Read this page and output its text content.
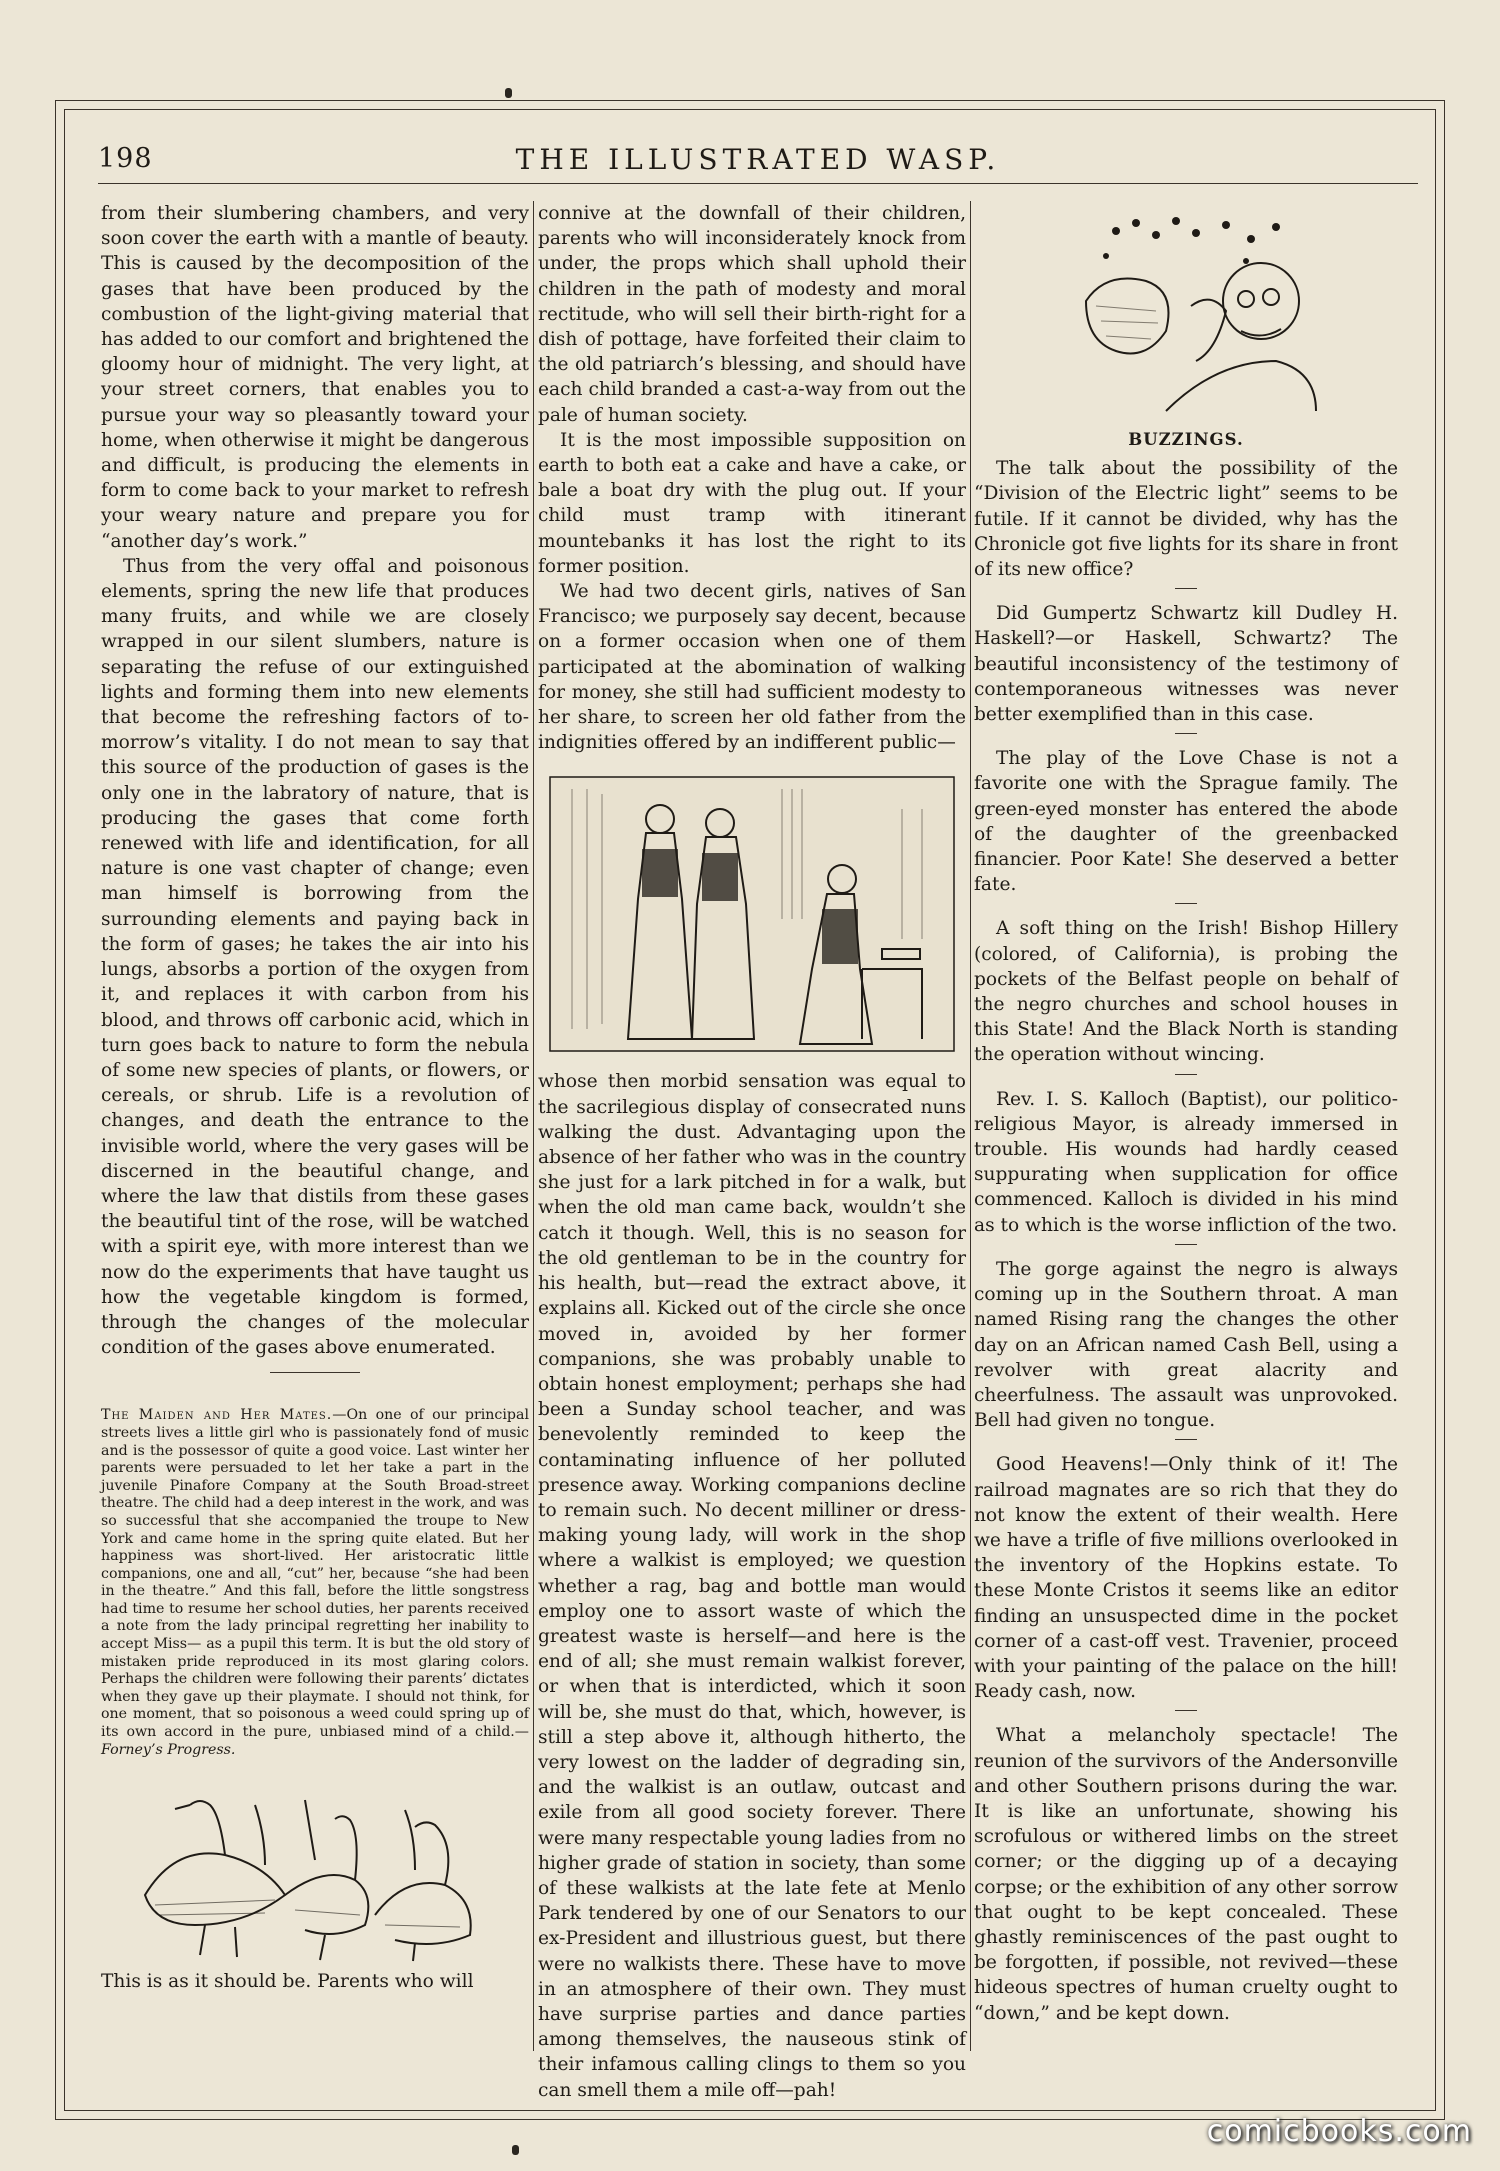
198	THE ILLUSTRATED WASP.

from their slumbering chambers, and very soon cover the earth with a mantle of beauty. This is caused by the decomposition of the gases that have been produced by the combustion of the light-giving material that has added to our comfort and brightened the gloomy hour of midnight. The very light, at your street corners, that enables you to pursue your way so pleasantly toward your home, when otherwise it might be dangerous and difficult, is producing the elements in form to come back to your market to refresh your weary nature and prepare you for “another day’s work.”

Thus from the very offal and poisonous elements, spring the new life that produces many fruits, and while we are closely wrapped in our silent slumbers, nature is separating the refuse of our extinguished lights and forming them into new elements that become the refreshing factors of to-morrow’s vitality. I do not mean to say that this source of the production of gases is the only one in the labratory of nature, that is producing the gases that come forth renewed with life and identification, for all nature is one vast chapter of change; even man himself is borrowing from the surrounding elements and paying back in the form of gases; he takes the air into his lungs, absorbs a portion of the oxygen from it, and replaces it with carbon from his blood, and throws off carbonic acid, which in turn goes back to nature to form the nebula of some new species of plants, or flowers, or cereals, or shrub. Life is a revolution of changes, and death the entrance to the invisible world, where the very gases will be discerned in the beautiful change, and where the law that distils from these gases the beautiful tint of the rose, will be watched with a spirit eye, with more interest than we now do the experiments that have taught us how the vegetable kingdom is formed, through the changes of the molecular condition of the gases above enumerated.

The Maiden and Her Mates.—On one of our principal streets lives a little girl who is passionately fond of music and is the possessor of quite a good voice. Last winter her parents were persuaded to let her take a part in the juvenile Pinafore Company at the South Broad-street theatre. The child had a deep interest in the work, and was so successful that she accompanied the troupe to New York and came home in the spring quite elated. But her happiness was short-lived. Her aristocratic little companions, one and all, “cut” her, because “she had been in the theatre.” And this fall, before the little songstress had time to resume her school duties, her parents received a note from the lady principal regretting her inability to accept Miss— as a pupil this term. It is but the old story of mistaken pride reproduced in its most glaring colors. Perhaps the children were following their parents’ dictates when they gave up their playmate. I should not think, for one moment, that so poisonous a weed could spring up of its own accord in the pure, unbiased mind of a child.—Forney’s Progress.

This is as it should be. Parents who will

connive at the downfall of their children, parents who will inconsiderately knock from under, the props which shall uphold their children in the path of modesty and moral rectitude, who will sell their birth-right for a dish of pottage, have forfeited their claim to the old patriarch’s blessing, and should have each child branded a cast-a-way from out the pale of human society.

It is the most impossible supposition on earth to both eat a cake and have a cake, or bale a boat dry with the plug out. If your child must tramp with itinerant mountebanks it has lost the right to its former position.

We had two decent girls, natives of San Francisco; we purposely say decent, because on a former occasion when one of them participated at the abomination of walking for money, she still had sufficient modesty to her share, to screen her old father from the indignities offered by an indifferent public—

whose then morbid sensation was equal to the sacrilegious display of consecrated nuns walking the dust. Advantaging upon the absence of her father who was in the country she just for a lark pitched in for a walk, but when the old man came back, wouldn’t she catch it though. Well, this is no season for the old gentleman to be in the country for his health, but—read the extract above, it explains all. Kicked out of the circle she once moved in, avoided by her former companions, she was probably unable to obtain honest employment; perhaps she had been a Sunday school teacher, and was benevolently reminded to keep the contaminating influence of her polluted presence away. Working companions decline to remain such. No decent milliner or dress-making young lady, will work in the shop where a walkist is employed; we question whether a rag, bag and bottle man would employ one to assort waste of which the greatest waste is herself—and here is the end of all; she must remain walkist forever, or when that is interdicted, which it soon will be, she must do that, which, however, is still a step above it, although hitherto, the very lowest on the ladder of degrading sin, and the walkist is an outlaw, outcast and exile from all good society forever. There were many respectable young ladies from no higher grade of station in society, than some of these walkists at the late fete at Menlo Park tendered by one of our Senators to our ex-President and illustrious guest, but there were no walkists there. These have to move in an atmosphere of their own. They must have surprise parties and dance parties among themselves, the nauseous stink of their infamous calling clings to them so you can smell them a mile off—pah!

BUZZINGS.

The talk about the possibility of the “Division of the Electric light” seems to be futile. If it cannot be divided, why has the Chronicle got five lights for its share in front of its new office?

Did Gumpertz Schwartz kill Dudley H. Haskell?—or Haskell, Schwartz? The beautiful inconsistency of the testimony of contemporaneous witnesses was never better exemplified than in this case.

The play of the Love Chase is not a favorite one with the Sprague family. The green-eyed monster has entered the abode of the daughter of the greenbacked financier. Poor Kate! She deserved a better fate.

A soft thing on the Irish! Bishop Hillery (colored, of California), is probing the pockets of the Belfast people on behalf of the negro churches and school houses in this State! And the Black North is standing the operation without wincing.

Rev. I. S. Kalloch (Baptist), our politico-religious Mayor, is already immersed in trouble. His wounds had hardly ceased suppurating when supplication for office commenced. Kalloch is divided in his mind as to which is the worse infliction of the two.

The gorge against the negro is always coming up in the Southern throat. A man named Rising rang the changes the other day on an African named Cash Bell, using a revolver with great alacrity and cheerfulness. The assault was unprovoked. Bell had given no tongue.

Good Heavens!—Only think of it! The railroad magnates are so rich that they do not know the extent of their wealth. Here we have a trifle of five millions overlooked in the inventory of the Hopkins estate. To these Monte Cristos it seems like an editor finding an unsuspected dime in the pocket corner of a cast-off vest. Travenier, proceed with your painting of the palace on the hill! Ready cash, now.

What a melancholy spectacle! The reunion of the survivors of the Andersonville and other Southern prisons during the war. It is like an unfortunate, showing his scrofulous or withered limbs on the street corner; or the digging up of a decaying corpse; or the exhibition of any other sorrow that ought to be kept concealed. These ghastly reminiscences of the past ought to be forgotten, if possible, not revived—these hideous spectres of human cruelty ought to “down,” and be kept down.

comicbooks.com
